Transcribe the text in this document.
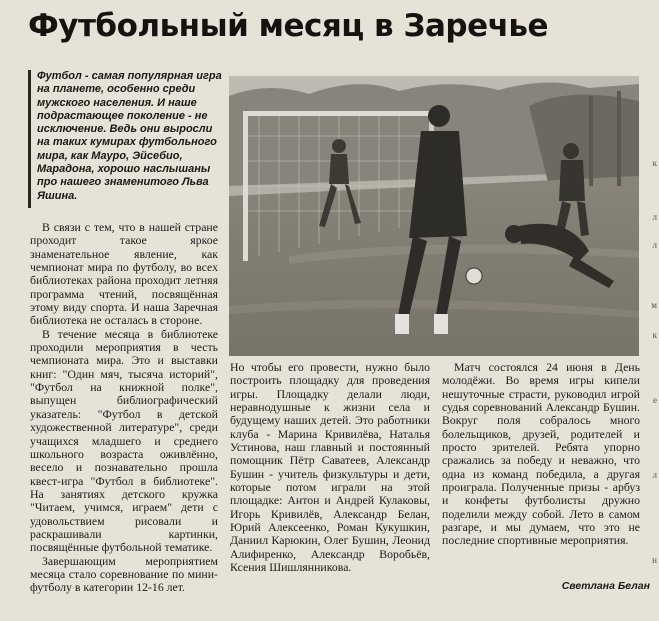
Футбольный месяц в Заречье
Футбол - самая популярная игра на планете, особенно среди мужского населения. И наше подрастающее поколение - не исключение. Ведь они выросли на таких кумирах футбольного мира, как Мауро, Эйсебио, Марадона, хорошо наслышаны про нашего знаменитого Льва Яшина.

В связи с тем, что в нашей стране проходит такое яркое знаменательное явление, как чемпионат мира по футболу, во всех библиотеках района проходит летняя программа чтений, посвящённая этому виду спорта. И наша Заречная библиотека не осталась в стороне.

В течение месяца в библиотеке проходили мероприятия в честь чемпионата мира. Это и выставки книг: "Один мяч, тысяча историй", "Футбол на книжной полке", выпущен библиографический указатель: "Футбол в детской художественной литературе", среди учащихся младшего и среднего школьного возраста оживлённо, весело и познавательно прошла квест-игра "Футбол в библиотеке". На занятиях детского кружка "Читаем, учимся, играем" дети с удовольствием рисовали и раскрашивали картинки, посвящённые футбольной тематике.

Завершающим мероприятием месяца стало соревнование по мини-футболу в категории 12-16 лет.

Но чтобы его провести, нужно было построить площадку для проведения игры. Площадку делали люди, неравнодушные к жизни села и будущему наших детей. Это работники клуба - Марина Кривилёва, Наталья Устинова, наш главный и постоянный помощник Пётр Саватеев, Александр Бушин - учитель физкультуры и дети, которые потом играли на этой площадке: Антон и Андрей Кулаковы, Игорь Кривилёв, Александр Белан, Юрий Алексеенко, Роман Кукушкин, Даниил Карюкин, Олег Бушин, Леонид Алифиренко, Александр Воробьёв, Ксения Шишлянникова.

Матч состоялся 24 июня в День молодёжи. Во время игры кипели нешуточные страсти, руководил игрой судья соревнований Александр Бушин. Вокруг поля собралось много болельщиков, друзей, родителей и просто зрителей. Ребята упорно сражались за победу и неважно, что одна из команд победила, а другая проиграла. Полученные призы - арбуз и конфеты футболисты дружно поделили между собой. Лето в самом разгаре, и мы думаем, что это не последние спортивные мероприятия.

Светлана Белан
к
л
л
м
к
е
л
н
